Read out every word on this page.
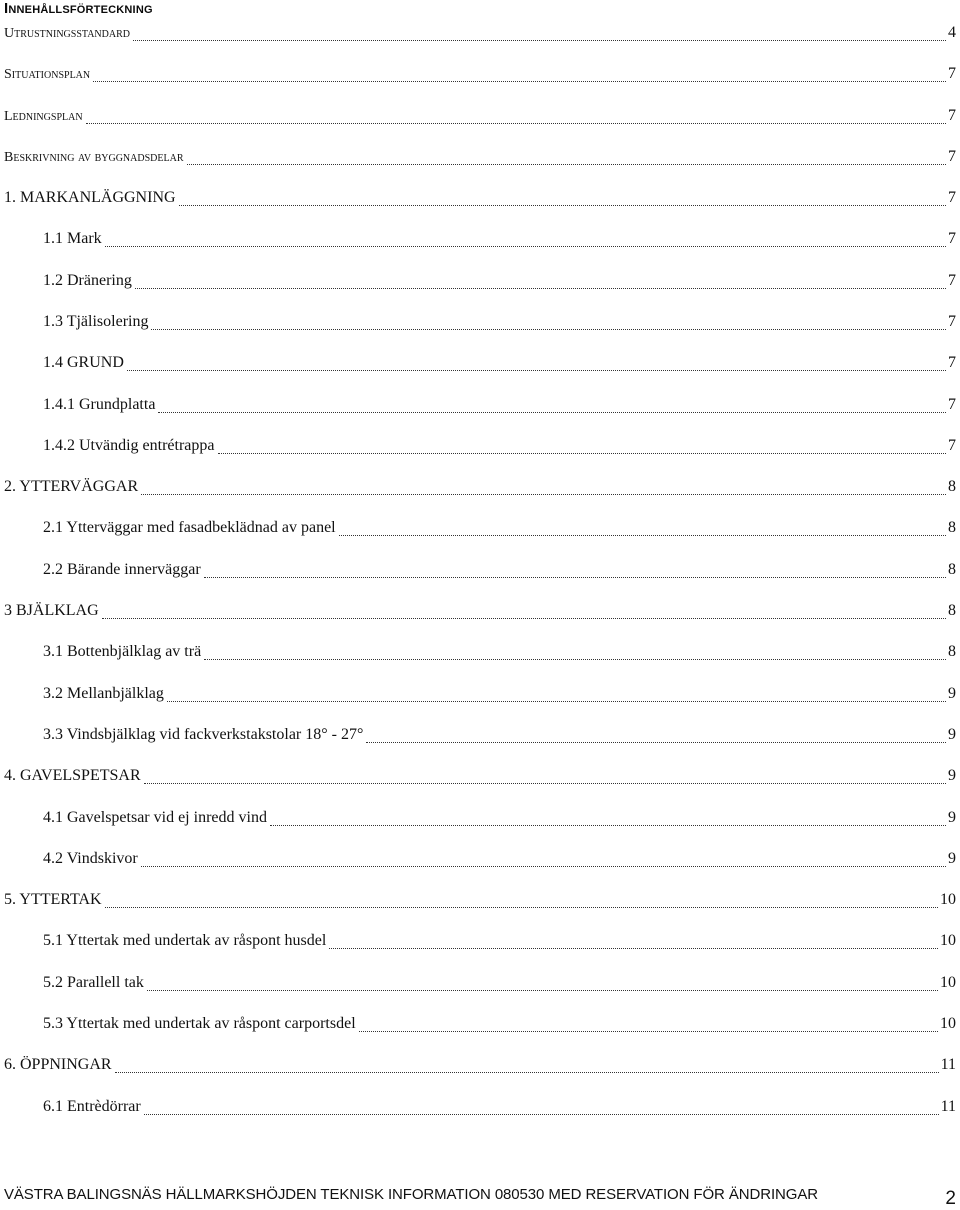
Innehållsförteckning
Utrustningsstandard	4
Situationsplan	7
Ledningsplan	7
Beskrivning av byggnadsdelar	7
1. MARKANLÄGGNING	7
1.1 Mark	7
1.2 Dränering	7
1.3 Tjälisolering	7
1.4 GRUND	7
1.4.1 Grundplatta	7
1.4.2 Utvändig entrétrappa	7
2. YTTERVÄGGAR	8
2.1 Ytterväggar med fasadbeklädnad av panel	8
2.2 Bärande innerväggar	8
3 BJÄLKLAG	8
3.1 Bottenbjälklag av trä	8
3.2 Mellanbjälklag	9
3.3 Vindsbjälklag vid fackverkstakstolar 18° - 27°	9
4. GAVELSPETSAR	9
4.1 Gavelspetsar vid ej inredd vind	9
4.2 Vindskivor	9
5. YTTERTAK	10
5.1 Yttertak med undertak av råspont husdel	10
5.2 Parallell tak	10
5.3 Yttertak med undertak av råspont carportsdel	10
6. ÖPPNINGAR	11
6.1 Entrèdörrar	11
VÄSTRA BALINGSNÄS HÄLLMARKSHÖJDEN TEKNISK INFORMATION 080530 MED RESERVATION FÖR ÄNDRINGAR	2
